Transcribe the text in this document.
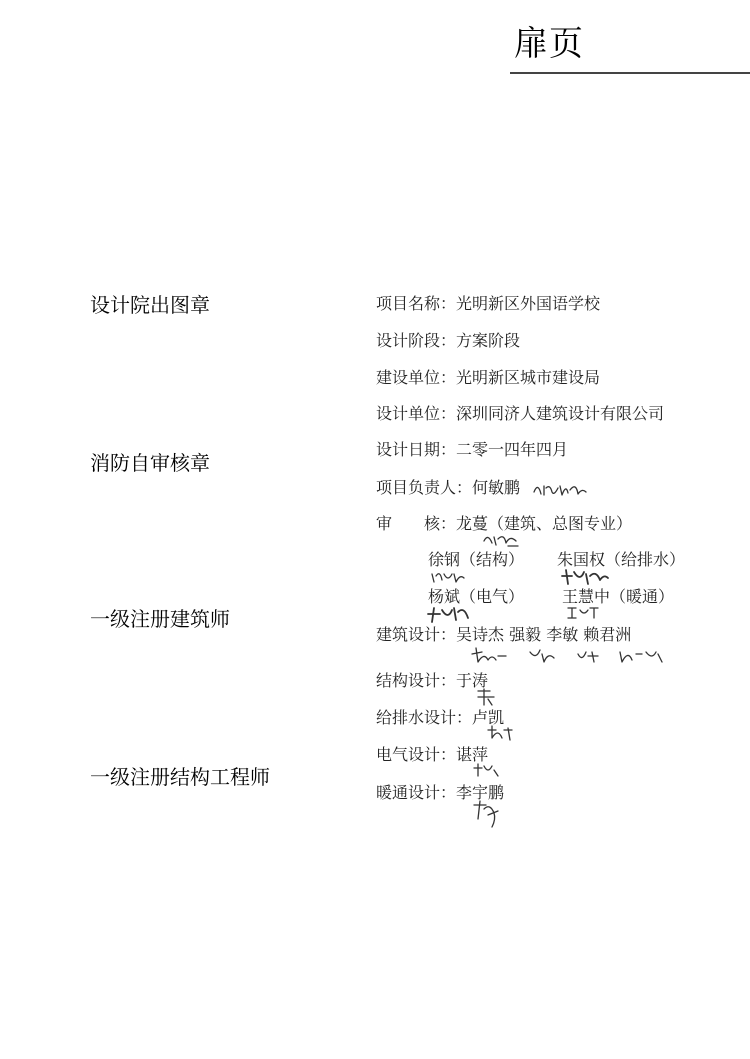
扉页
设计院出图章
消防自审核章
一级注册建筑师
一级注册结构工程师
项目名称：光明新区外国语学校
设计阶段：方案阶段
建设单位：光明新区城市建设局
设计单位：深圳同济人建筑设计有限公司
设计日期：二零一四年四月
项目负责人：何敏鹏
审　　核：龙蔓（建筑、总图专业）
徐钢（结构） 朱国权（给排水）
杨斌（电气） 王慧中（暖通）
建筑设计：吴诗杰 强毅 李敏 赖君洲
结构设计：于涛
给排水设计：卢凯
电气设计：谌萍
暖通设计：李宇鹏
